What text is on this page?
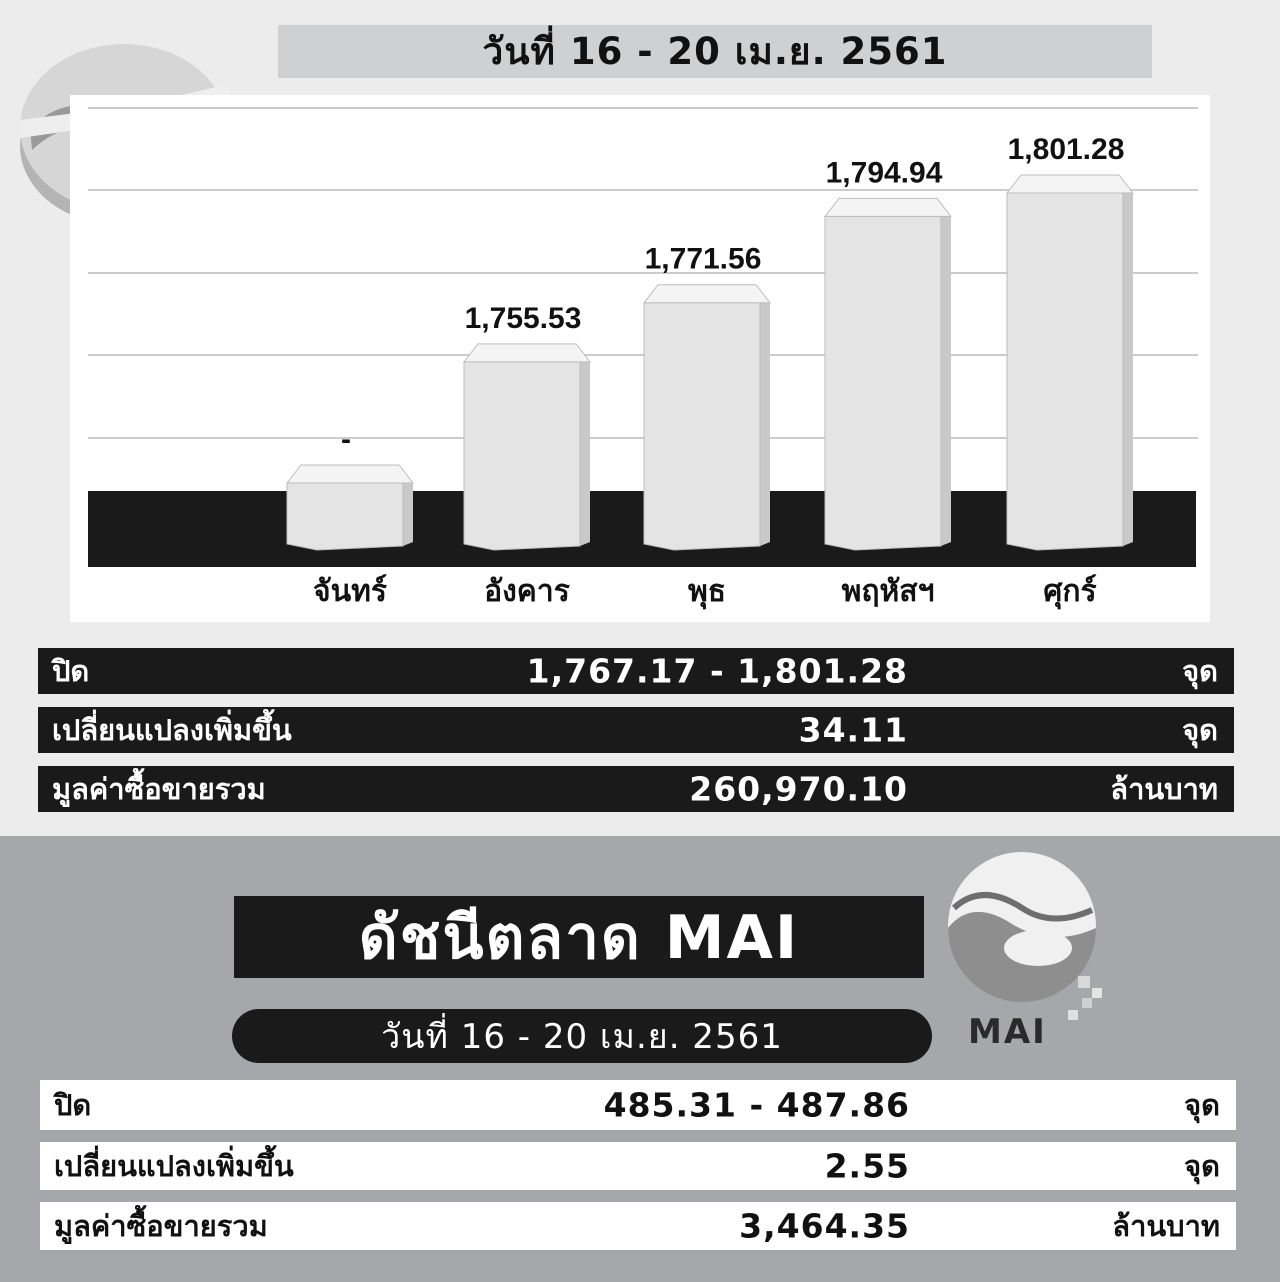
วันที่ 16 - 20 เม.ย. 2561
-
จันทร์
1,755.53
อังคาร
1,771.56
พุธ
1,794.94
พฤหัสฯ
1,801.28
ศุกร์
ปิด	1,767.17 - 1,801.28	จุด
เปลี่ยนแปลงเพิ่มขึ้น	34.11	จุด
มูลค่าซื้อขายรวม	260,970.10	ล้านบาท
ดัชนีตลาด MAI
วันที่ 16 - 20 เม.ย. 2561	MAI
ปิด	485.31 - 487.86	จุด
เปลี่ยนแปลงเพิ่มขึ้น	2.55	จุด
มูลค่าซื้อขายรวม	3,464.35	ล้านบาท
